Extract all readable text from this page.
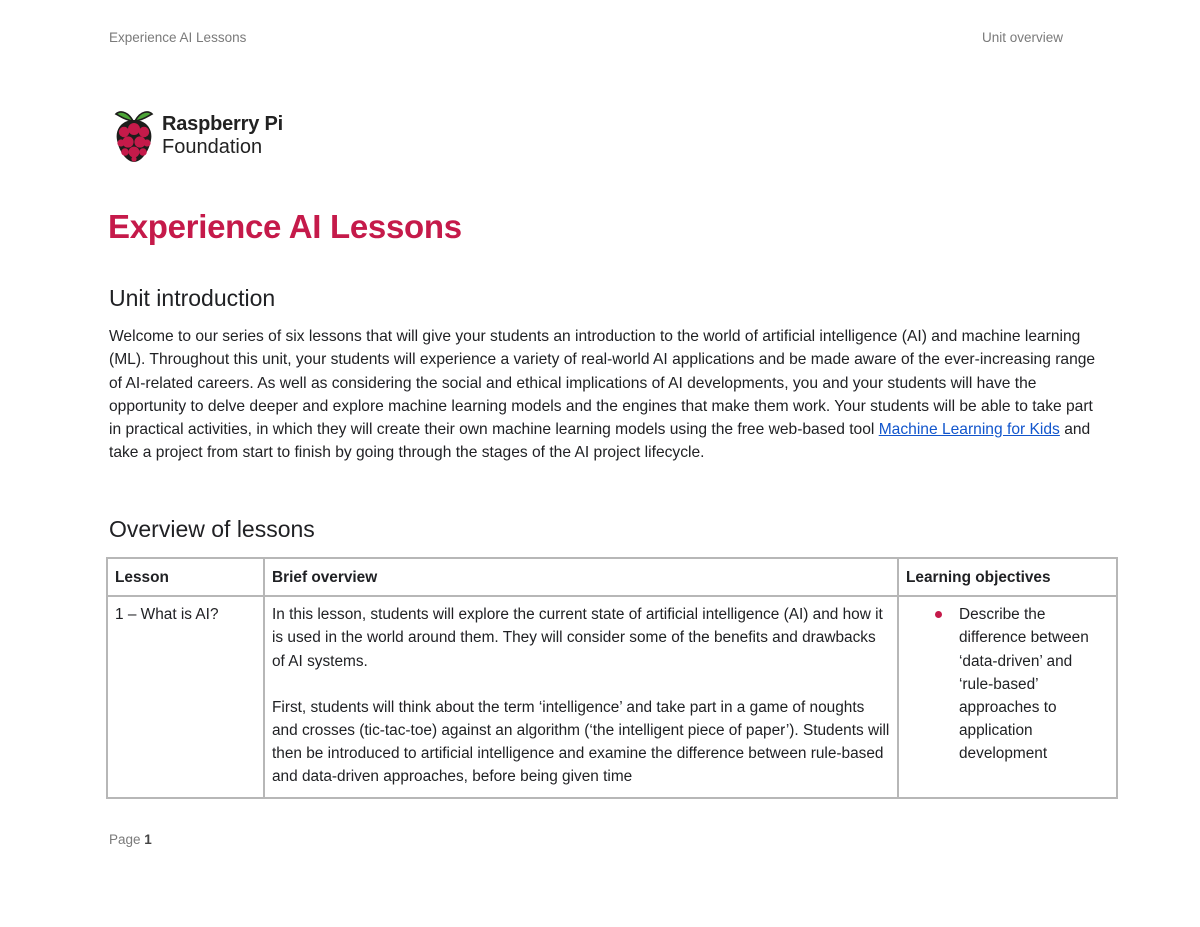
Experience AI Lessons	Unit overview
Raspberry Pi
Foundation
Experience AI Lessons
Unit introduction
Welcome to our series of six lessons that will give your students an introduction to the world of artificial intelligence (AI) and machine learning (ML). Throughout this unit, your students will experience a variety of real-world AI applications and be made aware of the ever-increasing range of AI-related careers. As well as considering the social and ethical implications of AI developments, you and your students will have the opportunity to delve deeper and explore machine learning models and the engines that make them work. Your students will be able to take part in practical activities, in which they will create their own machine learning models using the free web-based tool Machine Learning for Kids and take a project from start to finish by going through the stages of the AI project lifecycle.
Overview of lessons
Lesson	Brief overview	Learning objectives
1 – What is AI?	In this lesson, students will explore the current state of artificial intelligence (AI) and how it is used in the world around them. They will consider some of the benefits and drawbacks of AI systems.

First, students will think about the term ‘intelligence’ and take part in a game of noughts and crosses (tic-tac-toe) against an algorithm (‘the intelligent piece of paper’). Students will then be introduced to artificial intelligence and examine the difference between rule-based and data-driven approaches, before being given time	Describe the difference between ‘data-driven’ and ‘rule-based’ approaches to application development
Page 1
